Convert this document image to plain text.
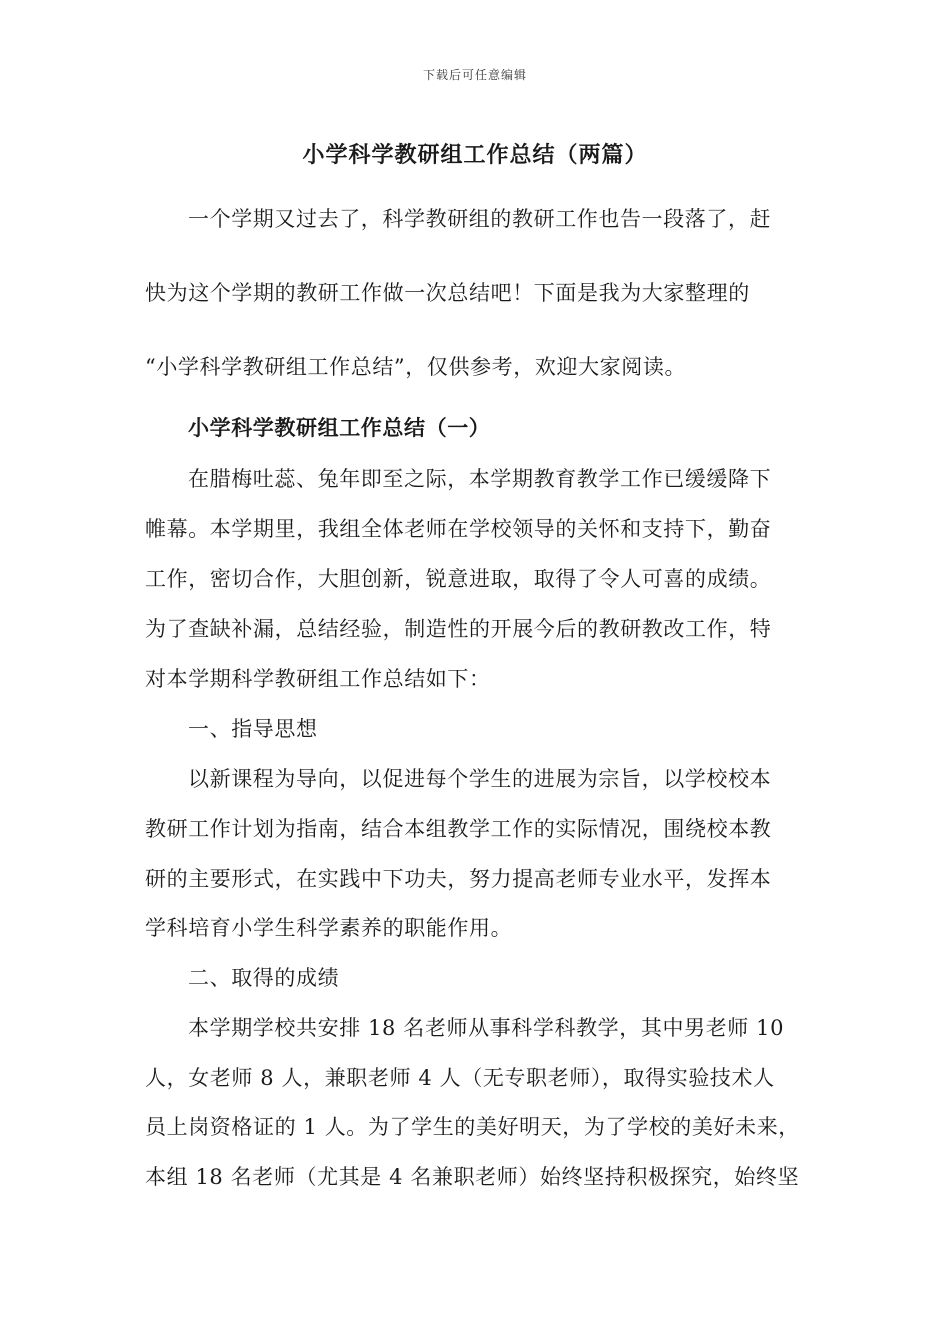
下载后可任意编辑
小学科学教研组工作总结（两篇）
一个学期又过去了，科学教研组的教研工作也告一段落了，赶
快为这个学期的教研工作做一次总结吧！下面是我为大家整理的
“小学科学教研组工作总结”，仅供参考，欢迎大家阅读。
小学科学教研组工作总结（一）
在腊梅吐蕊、兔年即至之际，本学期教育教学工作已缓缓降下
帷幕。本学期里，我组全体老师在学校领导的关怀和支持下，勤奋
工作，密切合作，大胆创新，锐意进取，取得了令人可喜的成绩。
为了查缺补漏，总结经验，制造性的开展今后的教研教改工作，特
对本学期科学教研组工作总结如下：
一、指导思想
以新课程为导向，以促进每个学生的进展为宗旨，以学校校本
教研工作计划为指南，结合本组教学工作的实际情况，围绕校本教
研的主要形式，在实践中下功夫，努力提高老师专业水平，发挥本
学科培育小学生科学素养的职能作用。
二、取得的成绩
本学期学校共安排 18 名老师从事科学科教学，其中男老师 10
人，女老师 8 人，兼职老师 4 人（无专职老师），取得实验技术人
员上岗资格证的 1 人。为了学生的美好明天，为了学校的美好未来，
本组 18 名老师（尤其是 4 名兼职老师）始终坚持积极探究，始终坚
